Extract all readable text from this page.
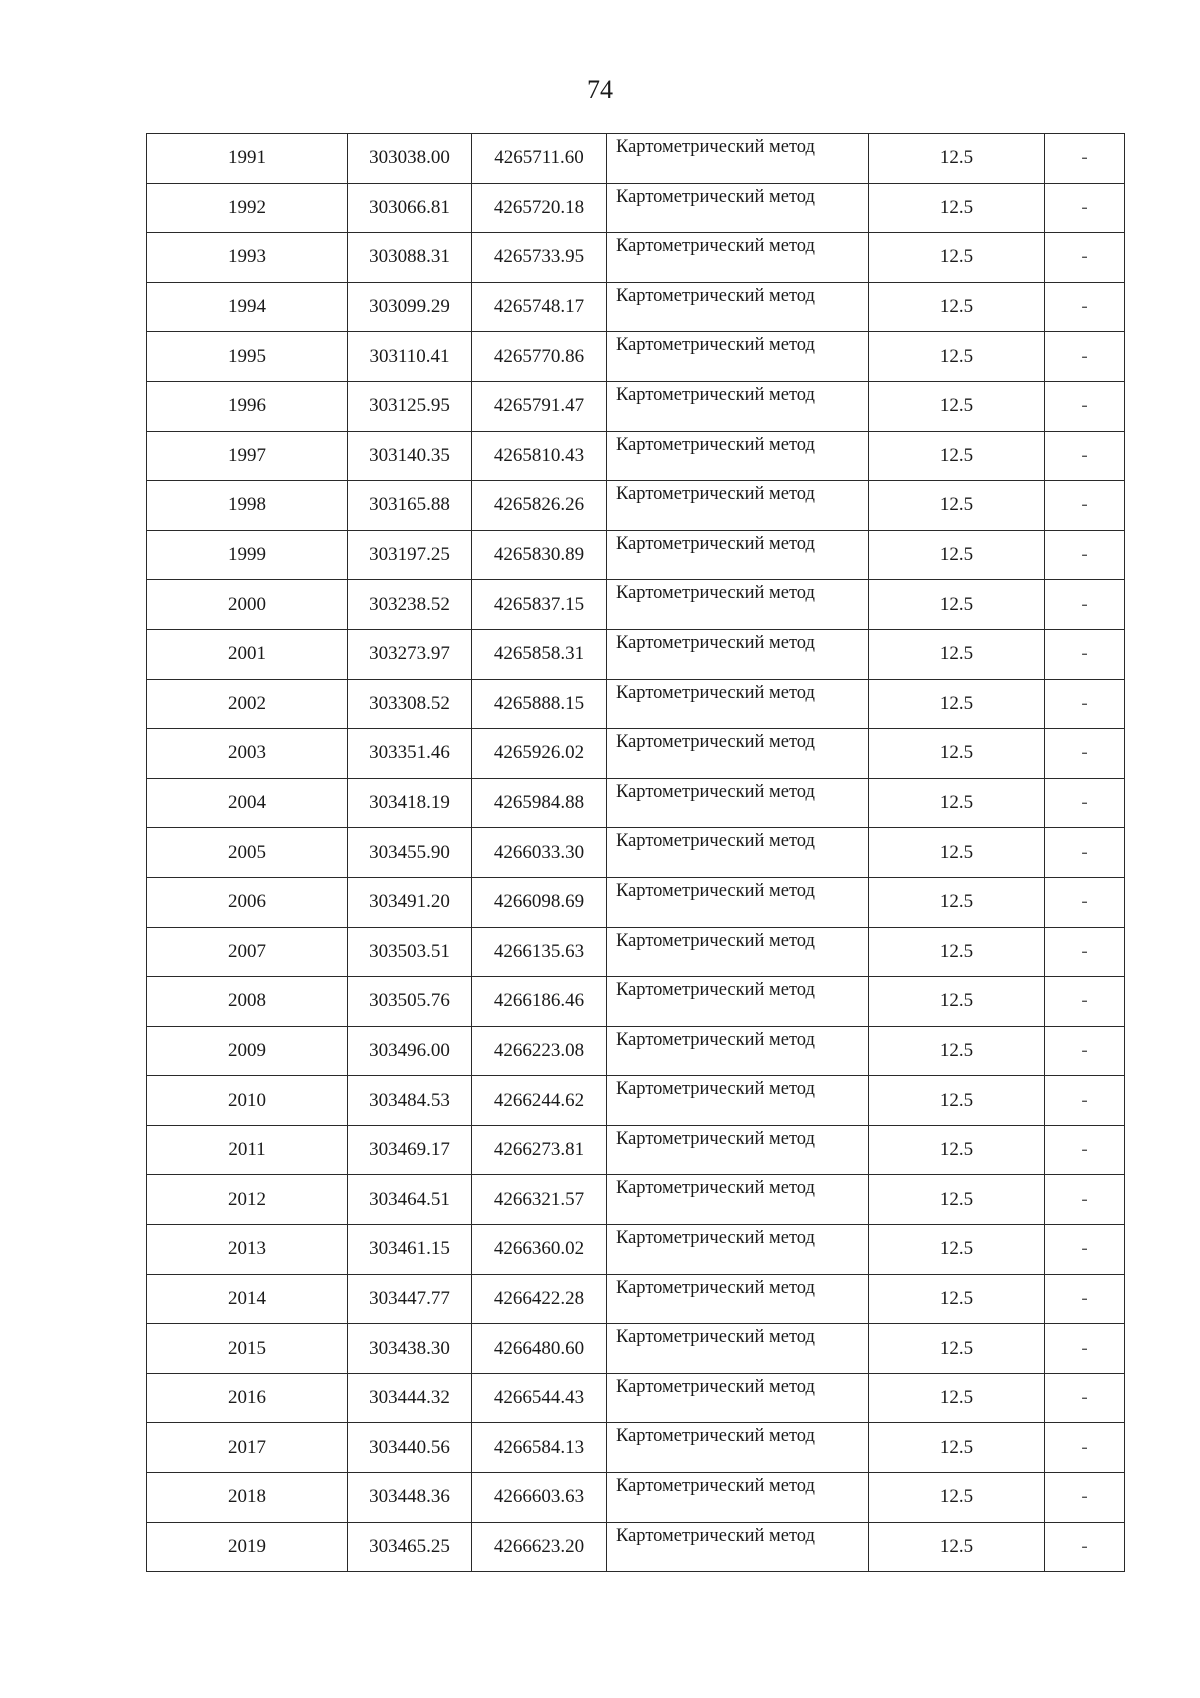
74
1991	303038.00	4265711.60	Картометрический метод	12.5	-
1992	303066.81	4265720.18	Картометрический метод	12.5	-
1993	303088.31	4265733.95	Картометрический метод	12.5	-
1994	303099.29	4265748.17	Картометрический метод	12.5	-
1995	303110.41	4265770.86	Картометрический метод	12.5	-
1996	303125.95	4265791.47	Картометрический метод	12.5	-
1997	303140.35	4265810.43	Картометрический метод	12.5	-
1998	303165.88	4265826.26	Картометрический метод	12.5	-
1999	303197.25	4265830.89	Картометрический метод	12.5	-
2000	303238.52	4265837.15	Картометрический метод	12.5	-
2001	303273.97	4265858.31	Картометрический метод	12.5	-
2002	303308.52	4265888.15	Картометрический метод	12.5	-
2003	303351.46	4265926.02	Картометрический метод	12.5	-
2004	303418.19	4265984.88	Картометрический метод	12.5	-
2005	303455.90	4266033.30	Картометрический метод	12.5	-
2006	303491.20	4266098.69	Картометрический метод	12.5	-
2007	303503.51	4266135.63	Картометрический метод	12.5	-
2008	303505.76	4266186.46	Картометрический метод	12.5	-
2009	303496.00	4266223.08	Картометрический метод	12.5	-
2010	303484.53	4266244.62	Картометрический метод	12.5	-
2011	303469.17	4266273.81	Картометрический метод	12.5	-
2012	303464.51	4266321.57	Картометрический метод	12.5	-
2013	303461.15	4266360.02	Картометрический метод	12.5	-
2014	303447.77	4266422.28	Картометрический метод	12.5	-
2015	303438.30	4266480.60	Картометрический метод	12.5	-
2016	303444.32	4266544.43	Картометрический метод	12.5	-
2017	303440.56	4266584.13	Картометрический метод	12.5	-
2018	303448.36	4266603.63	Картометрический метод	12.5	-
2019	303465.25	4266623.20	Картометрический метод	12.5	-
